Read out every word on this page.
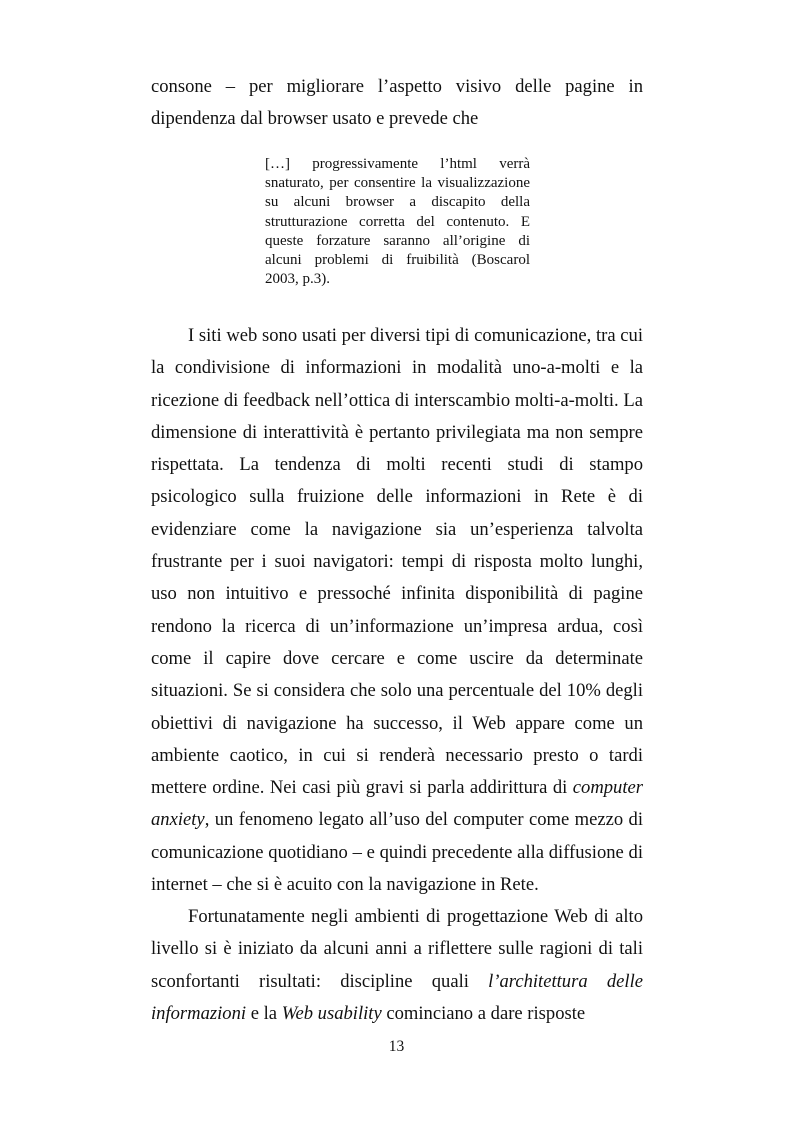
consone – per migliorare l’aspetto visivo delle pagine in dipendenza dal browser usato e prevede che

[…] progressivamente l’html verrà snaturato, per consentire la visualizzazione su alcuni browser a discapito della strutturazione corretta del contenuto. E queste forzature saranno all’origine di alcuni problemi di fruibilità (Boscarol 2003, p.3).

I siti web sono usati per diversi tipi di comunicazione, tra cui la condivisione di informazioni in modalità uno-a-molti e la ricezione di feedback nell’ottica di interscambio molti-a-molti. La dimensione di interattività è pertanto privilegiata ma non sempre rispettata. La tendenza di molti recenti studi di stampo psicologico sulla fruizione delle informazioni in Rete è di evidenziare come la navigazione sia un’esperienza talvolta frustrante per i suoi navigatori: tempi di risposta molto lunghi, uso non intuitivo e pressoché infinita disponibilità di pagine rendono la ricerca di un’informazione un’impresa ardua, così come il capire dove cercare e come uscire da determinate situazioni. Se si considera che solo una percentuale del 10% degli obiettivi di navigazione ha successo, il Web appare come un ambiente caotico, in cui si renderà necessario presto o tardi mettere ordine. Nei casi più gravi si parla addirittura di computer anxiety, un fenomeno legato all’uso del computer come mezzo di comunicazione quotidiano – e quindi precedente alla diffusione di internet – che si è acuito con la navigazione in Rete.

Fortunatamente negli ambienti di progettazione Web di alto livello si è iniziato da alcuni anni a riflettere sulle ragioni di tali sconfortanti risultati: discipline quali l’architettura delle informazioni e la Web usability cominciano a dare risposte

13
